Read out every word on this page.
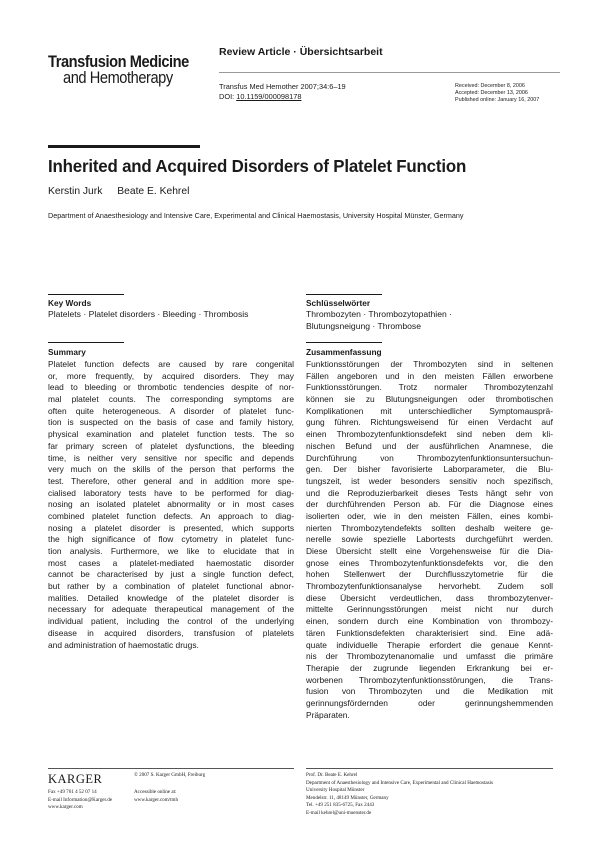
Transfusion Medicine
and Hemotherapy
Review Article · Übersichtsarbeit
Transfus Med Hemother 2007;34:6–19
DOI: 10.1159/000098178
Received: December 8, 2006
Accepted: December 13, 2006
Published online: January 16, 2007
Inherited and Acquired Disorders of Platelet Function
Kerstin Jurk Beate E. Kehrel
Department of Anaesthesiology and Intensive Care, Experimental and Clinical Haemostasis, University Hospital Münster, Germany
Key Words
Platelets · Platelet disorders · Bleeding · Thrombosis
Schlüsselwörter
Thrombozyten · Thrombozytopathien ·
Blutungsneigung · Thrombose
Summary
Platelet function defects are caused by rare congenital
or, more frequently, by acquired disorders. They may
lead to bleeding or thrombotic tendencies despite of nor-
mal platelet counts. The corresponding symptoms are
often quite heterogeneous. A disorder of platelet func-
tion is suspected on the basis of case and family history,
physical examination and platelet function tests. The so
far primary screen of platelet dysfunctions, the bleeding
time, is neither very sensitive nor specific and depends
very much on the skills of the person that performs the
test. Therefore, other general and in addition more spe-
cialised laboratory tests have to be performed for diag-
nosing an isolated platelet abnormality or in most cases
combined platelet function defects. An approach to diag-
nosing a platelet disorder is presented, which supports
the high significance of flow cytometry in platelet func-
tion analysis. Furthermore, we like to elucidate that in
most cases a platelet-mediated haemostatic disorder
cannot be characterised by just a single function defect,
but rather by a combination of platelet functional abnor-
malities. Detailed knowledge of the platelet disorder is
necessary for adequate therapeutical management of the
individual patient, including the control of the underlying
disease in acquired disorders, transfusion of platelets
and administration of haemostatic drugs.
Zusammenfassung
Funktionsstörungen der Thrombozyten sind in seltenen
Fällen angeboren und in den meisten Fällen erworbene
Funktionsstörungen. Trotz normaler Thrombozytenzahl
können sie zu Blutungsneigungen oder thrombotischen
Komplikationen mit unterschiedlicher Symptomausprä-
gung führen. Richtungsweisend für einen Verdacht auf
einen Thrombozytenfunktionsdefekt sind neben dem kli-
nischen Befund und der ausführlichen Anamnese, die
Durchführung von Thrombozytenfunktionsuntersuchun-
gen. Der bisher favorisierte Laborparameter, die Blu-
tungszeit, ist weder besonders sensitiv noch spezifisch,
und die Reproduzierbarkeit dieses Tests hängt sehr von
der durchführenden Person ab. Für die Diagnose eines
isolierten oder, wie in den meisten Fällen, eines kombi-
nierten Thrombozytendefekts sollten deshalb weitere ge-
nerelle sowie spezielle Labortests durchgeführt werden.
Diese Übersicht stellt eine Vorgehensweise für die Dia-
gnose eines Thrombozytenfunktionsdefekts vor, die den
hohen Stellenwert der Durchflusszytometrie für die
Thrombozytenfunktionsanalyse hervorhebt. Zudem soll
diese Übersicht verdeutlichen, dass thrombozytenver-
mittelte Gerinnungsstörungen meist nicht nur durch
einen, sondern durch eine Kombination von thrombozy-
tären Funktionsdefekten charakterisiert sind. Eine adä-
quate individuelle Therapie erfordert die genaue Kennt-
nis der Thrombozytenanomalie und umfasst die primäre
Therapie der zugrunde liegenden Erkrankung bei er-
worbenen Thrombozytenfunktionsstörungen, die Trans-
fusion von Thrombozyten und die Medikation mit
gerinnungsfördernden oder gerinnungshemmenden
Präparaten.
KARGER
Fax +49 761 4 52 07 14
E-mail Information@Karger.de
www.karger.com
© 2007 S. Karger GmbH, Freiburg
Accessible online at:
www.karger.com/tmh
Prof. Dr. Beate E. Kehrel
Department of Anaesthesiology and Intensive Care, Experimental and Clinical Haemostasis
University Hospital Münster
Mendelstr. 11, 48149 Münster, Germany
Tel. +49 251 835-6725, Fax 2443
E-mail kehrel@uni-muenster.de
